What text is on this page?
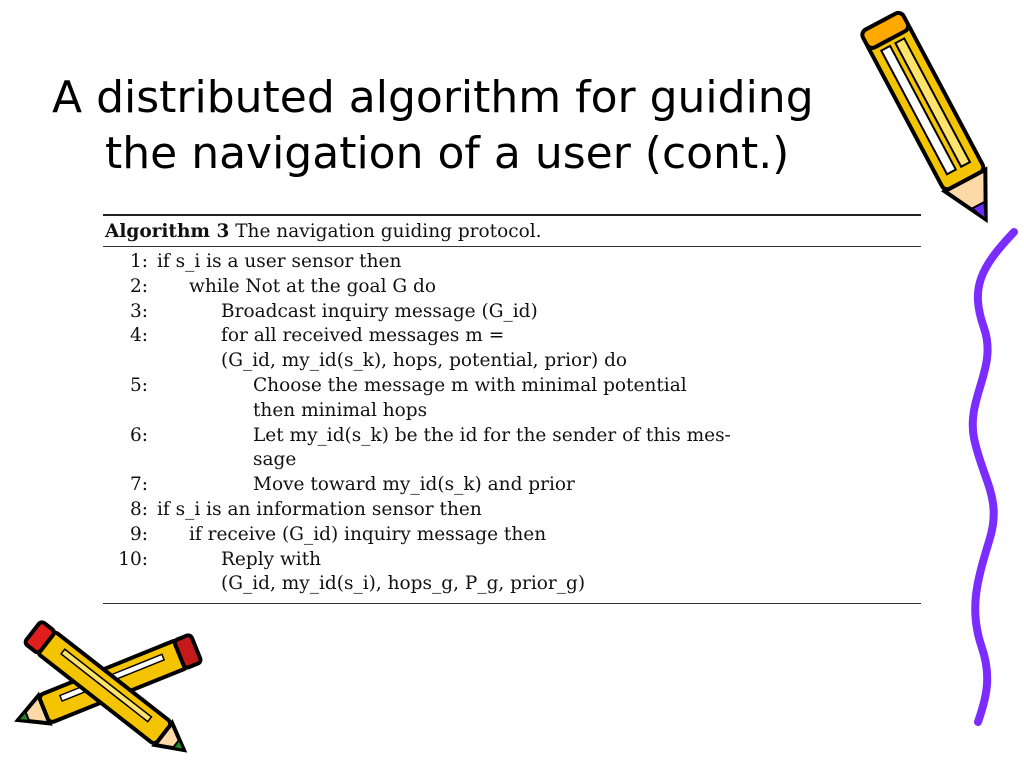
A distributed algorithm for guiding
the navigation of a user (cont.)
Algorithm 3 The navigation guiding protocol.
1: if s_i is a user sensor then
2: while Not at the goal G do
3:	Broadcast inquiry message (G_id)
4:	for all received messages m =
(G_id, my_id(s_k), hops, potential, prior) do
5:	Choose the message m with minimal potential
then minimal hops
6:	Let my_id(s_k) be the id for the sender of this mes-
sage
7:	Move toward my_id(s_k) and prior
8: if s_i is an information sensor then
9: if receive (G_id) inquiry message then
10:	Reply with
(G_id, my_id(s_i), hops_g, P_g, prior_g)
